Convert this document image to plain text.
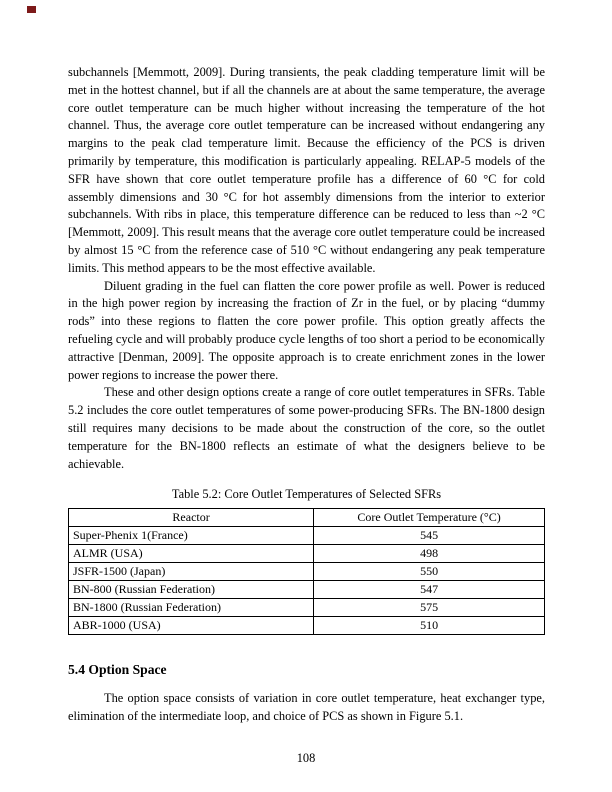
subchannels [Memmott, 2009]. During transients, the peak cladding temperature limit will be met in the hottest channel, but if all the channels are at about the same temperature, the average core outlet temperature can be much higher without increasing the temperature of the hot channel. Thus, the average core outlet temperature can be increased without endangering any margins to the peak clad temperature limit. Because the efficiency of the PCS is driven primarily by temperature, this modification is particularly appealing. RELAP-5 models of the SFR have shown that core outlet temperature profile has a difference of 60 °C for cold assembly dimensions and 30 °C for hot assembly dimensions from the interior to exterior subchannels. With ribs in place, this temperature difference can be reduced to less than ~2 °C [Memmott, 2009]. This result means that the average core outlet temperature could be increased by almost 15 °C from the reference case of 510 °C without endangering any peak temperature limits. This method appears to be the most effective available.

Diluent grading in the fuel can flatten the core power profile as well. Power is reduced in the high power region by increasing the fraction of Zr in the fuel, or by placing “dummy rods” into these regions to flatten the core power profile. This option greatly affects the refueling cycle and will probably produce cycle lengths of too short a period to be economically attractive [Denman, 2009]. The opposite approach is to create enrichment zones in the lower power regions to increase the power there.

These and other design options create a range of core outlet temperatures in SFRs. Table 5.2 includes the core outlet temperatures of some power-producing SFRs. The BN-1800 design still requires many decisions to be made about the construction of the core, so the outlet temperature for the BN-1800 reflects an estimate of what the designers believe to be achievable.

Table 5.2: Core Outlet Temperatures of Selected SFRs

Reactor	Core Outlet Temperature (°C)
Super-Phenix 1(France)	545
ALMR (USA)	498
JSFR-1500 (Japan)	550
BN-800 (Russian Federation)	547
BN-1800 (Russian Federation)	575
ABR-1000 (USA)	510
5.4 Option Space

The option space consists of variation in core outlet temperature, heat exchanger type, elimination of the intermediate loop, and choice of PCS as shown in Figure 5.1.

108
